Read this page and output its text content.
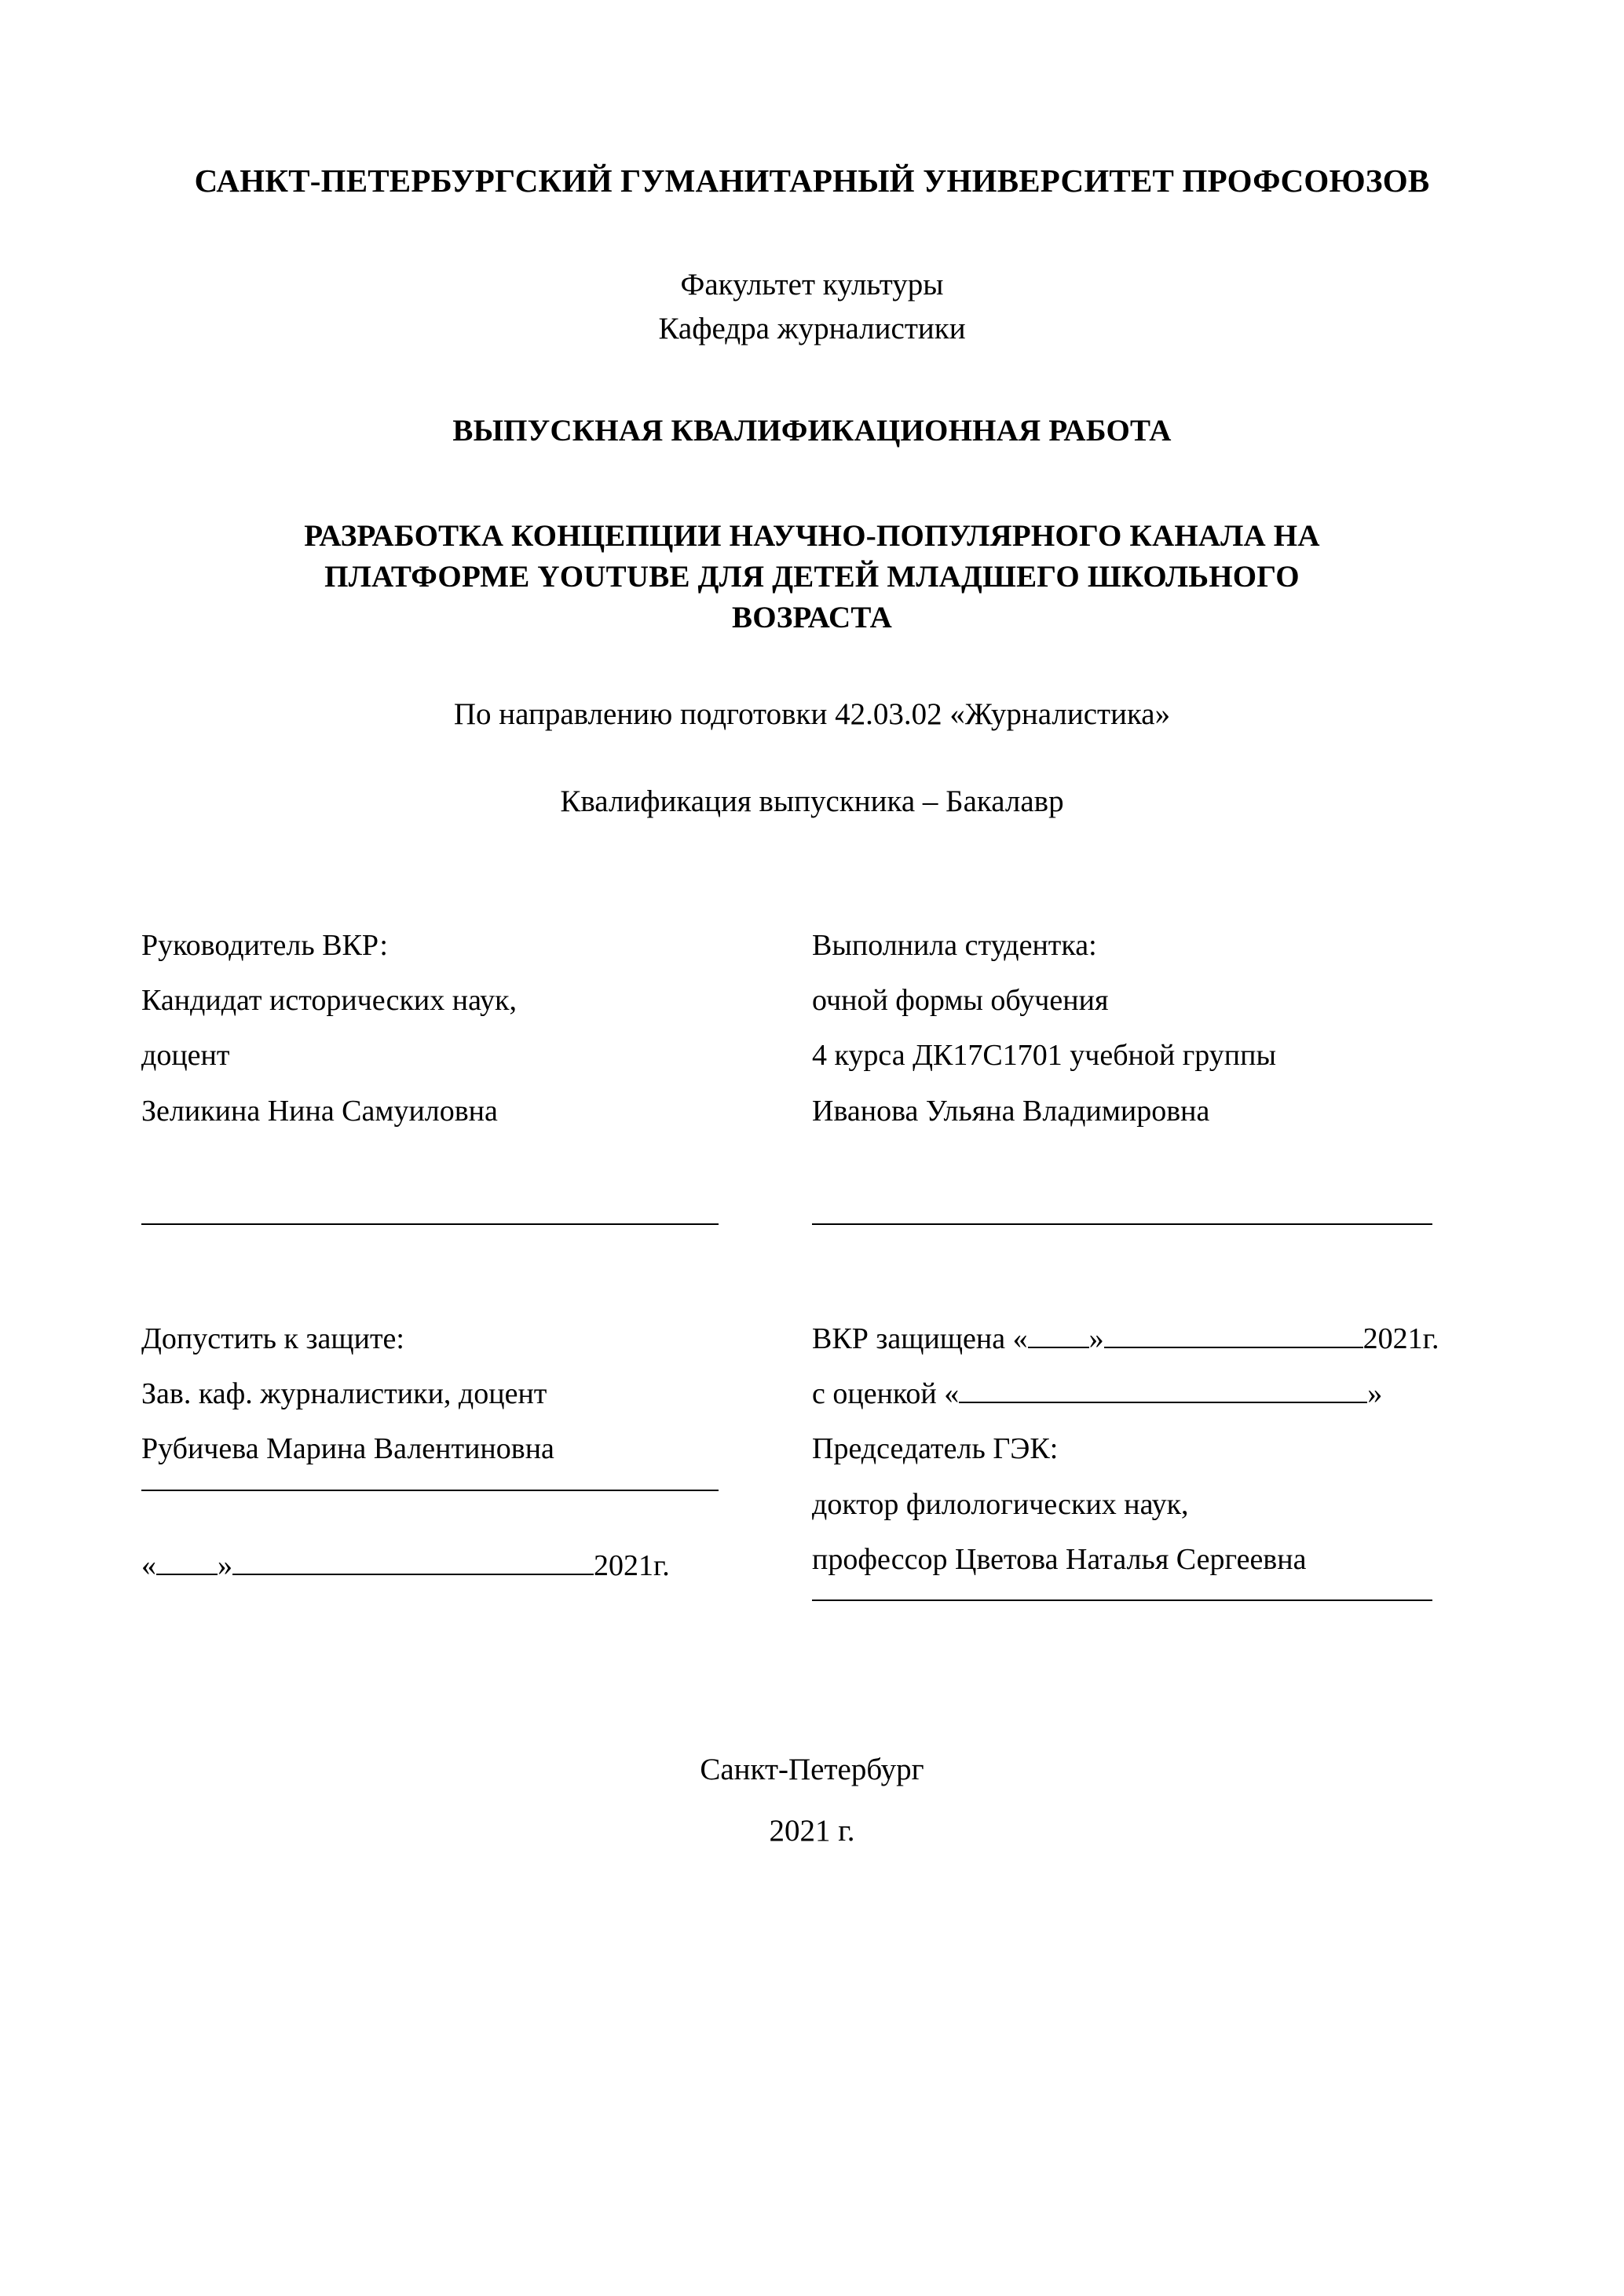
САНКТ-ПЕТЕРБУРГСКИЙ ГУМАНИТАРНЫЙ УНИВЕРСИТЕТ ПРОФСОЮЗОВ
Факультет культуры
Кафедра журналистики
ВЫПУСКНАЯ КВАЛИФИКАЦИОННАЯ РАБОТА
РАЗРАБОТКА КОНЦЕПЦИИ НАУЧНО-ПОПУЛЯРНОГО КАНАЛА НА ПЛАТФОРМЕ YOUTUBE ДЛЯ ДЕТЕЙ МЛАДШЕГО ШКОЛЬНОГО ВОЗРАСТА
По направлению подготовки 42.03.02 «Журналистика»
Квалификация выпускника – Бакалавр
Руководитель ВКР:
Кандидат исторических наук,
доцент
Зеликина Нина Самуиловна
Выполнила студентка:
очной формы обучения
4 курса ДК17С1701 учебной группы
Иванова Ульяна Владимировна
Допустить к защите:
Зав. каф. журналистики, доцент
Рубичева Марина Валентиновна
« »	2021г.
ВКР защищена « »	2021г.
с оценкой «	»
Председатель ГЭК:
доктор филологических наук,
профессор Цветова Наталья Сергеевна
Санкт-Петербург
2021 г.
